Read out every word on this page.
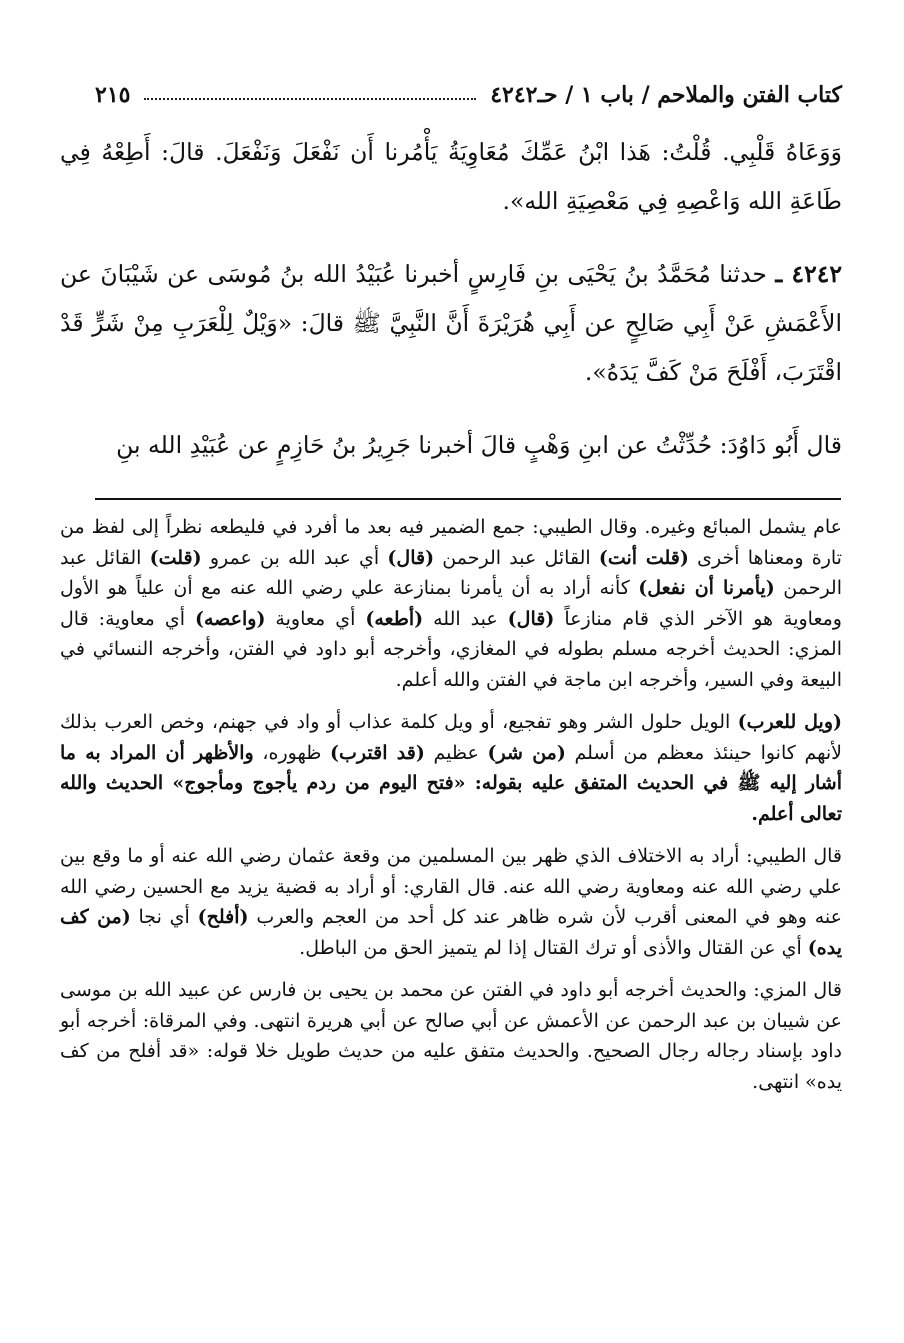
كتاب الفتن والملاحم / باب ١ / حـ٤٢٤٢
٢١٥

وَوَعَاهُ قَلْبِي. قُلْتُ: هَذا ابْنُ عَمِّكَ مُعَاوِيَةُ يَأْمُرنا أَن نَفْعَلَ وَنَفْعَلَ. قالَ: أَطِعْهُ فِي طَاعَةِ الله وَاعْصِهِ فِي مَعْصِيَةِ الله».

٤٢٤٢ ـ حدثنا مُحَمَّدُ بنُ يَحْيَى بنِ فَارِسٍ أخبرنا عُبَيْدُ الله بنُ مُوسَى عن شَيْبَانَ عن الأَعْمَشِ عَنْ أَبِي صَالِحٍ عن أَبِي هُرَيْرَةَ أَنَّ النَّبِيَّ ﷺ قالَ: «وَيْلٌ لِلْعَرَبِ مِنْ شَرٍّ قَدْ اقْتَرَبَ، أَفْلَحَ مَنْ كَفَّ يَدَهُ».

قال أَبُو دَاوُدَ: حُدِّثْتُ عن ابنِ وَهْبٍ قالَ أخبرنا جَرِيرُ بنُ حَازِمٍ عن عُبَيْدِ الله بنِ

عام يشمل المبائع وغيره. وقال الطيبي: جمع الضمير فيه بعد ما أفرد في فليطعه نظراً إلى لفظ من تارة ومعناها أخرى (قلت أنت) القائل عبد الرحمن (قال) أي عبد الله بن عمرو (قلت) القائل عبد الرحمن (يأمرنا أن نفعل) كأنه أراد به أن يأمرنا بمنازعة علي رضي الله عنه مع أن علياً هو الأول ومعاوية هو الآخر الذي قام منازعاً (قال) عبد الله (أطعه) أي معاوية (واعصه) أي معاوية: قال المزي: الحديث أخرجه مسلم بطوله في المغازي، وأخرجه أبو داود في الفتن، وأخرجه النسائي في البيعة وفي السير، وأخرجه ابن ماجة في الفتن والله أعلم.

(ويل للعرب) الويل حلول الشر وهو تفجيع، أو ويل كلمة عذاب أو واد في جهنم، وخص العرب بذلك لأنهم كانوا حينئذ معظم من أسلم (من شر) عظيم (قد اقترب) ظهوره، والأظهر أن المراد به ما أشار إليه ﷺ في الحديث المتفق عليه بقوله: «فتح اليوم من ردم يأجوج ومأجوج» الحديث والله تعالى أعلم.

قال الطيبي: أراد به الاختلاف الذي ظهر بين المسلمين من وقعة عثمان رضي الله عنه أو ما وقع بين علي رضي الله عنه ومعاوية رضي الله عنه. قال القاري: أو أراد به قضية يزيد مع الحسين رضي الله عنه وهو في المعنى أقرب لأن شره ظاهر عند كل أحد من العجم والعرب (أفلح) أي نجا (من كف يده) أي عن القتال والأذى أو ترك القتال إذا لم يتميز الحق من الباطل.

قال المزي: والحديث أخرجه أبو داود في الفتن عن محمد بن يحيى بن فارس عن عبيد الله بن موسى عن شيبان بن عبد الرحمن عن الأعمش عن أبي صالح عن أبي هريرة انتهى. وفي المرقاة: أخرجه أبو داود بإسناد رجاله رجال الصحيح. والحديث متفق عليه من حديث طويل خلا قوله: «قد أفلح من كف يده» انتهى.
